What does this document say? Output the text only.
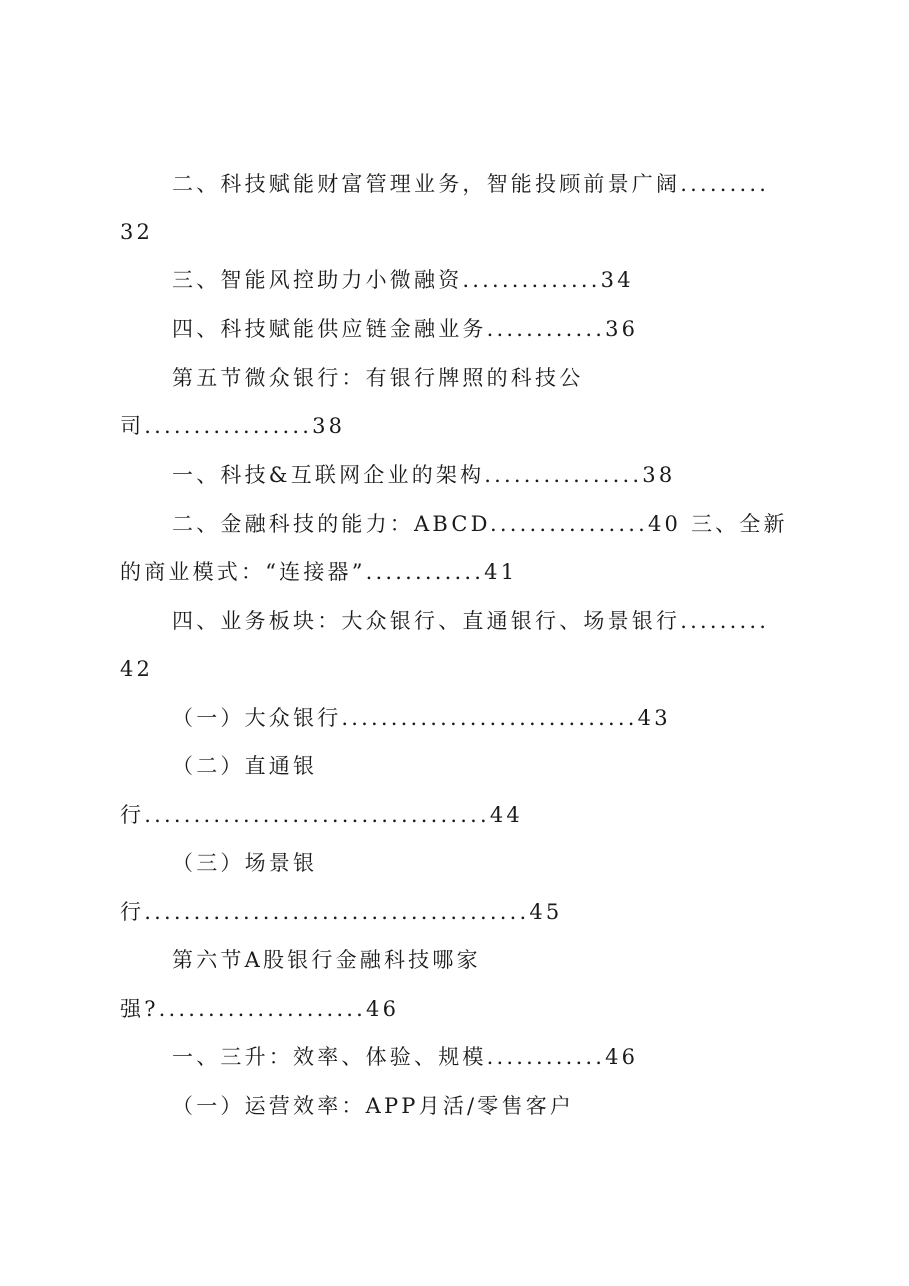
二、科技赋能财富管理业务，智能投顾前景广阔.........
32
三、智能风控助力小微融资..............34
四、科技赋能供应链金融业务............36
第五节微众银行：有银行牌照的科技公
司.................38
一、科技&互联网企业的架构................38
二、金融科技的能力：ABCD................40 三、全新
的商业模式：“连接器”............41
四、业务板块：大众银行、直通银行、场景银行.........
42
（一）大众银行..............................43
（二）直通银
行...................................44
（三）场景银
行.......................................45
第六节A股银行金融科技哪家
强?.....................46
一、三升：效率、体验、规模............46
（一）运营效率：APP月活/零售客户
